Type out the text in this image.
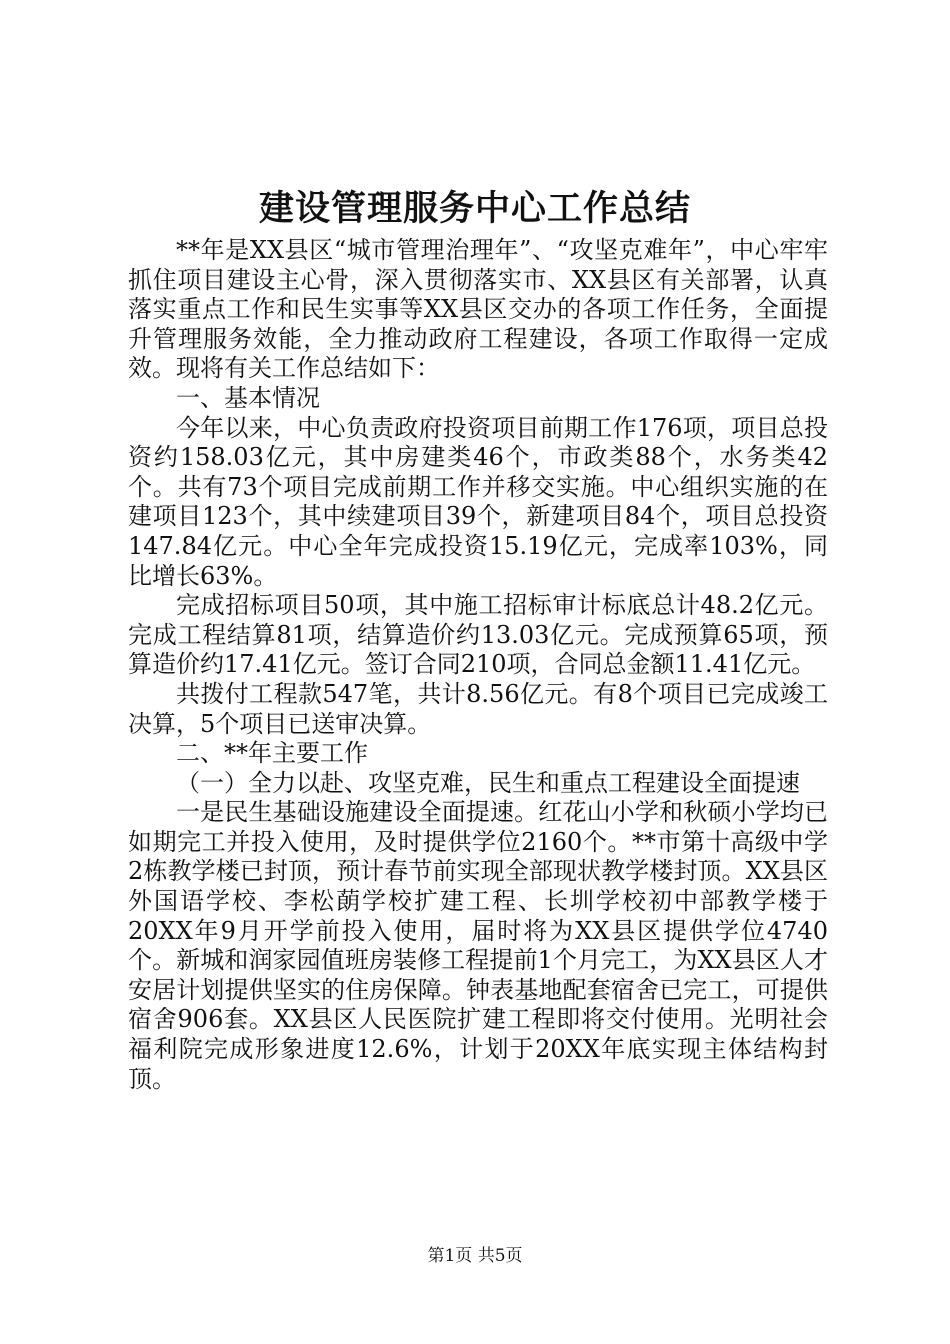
建设管理服务中心工作总结

**年是XX县区“城市管理治理年”、“攻坚克难年”，中心牢牢抓住项目建设主心骨，深入贯彻落实市、XX县区有关部署，认真落实重点工作和民生实事等XX县区交办的各项工作任务，全面提升管理服务效能，全力推动政府工程建设，各项工作取得一定成效。现将有关工作总结如下：

一、基本情况

今年以来，中心负责政府投资项目前期工作176项，项目总投资约158.03亿元，其中房建类46个，市政类88个，水务类42个。共有73个项目完成前期工作并移交实施。中心组织实施的在建项目123个，其中续建项目39个，新建项目84个，项目总投资147.84亿元。中心全年完成投资15.19亿元，完成率103%，同比增长63%。

完成招标项目50项，其中施工招标审计标底总计48.2亿元。完成工程结算81项，结算造价约13.03亿元。完成预算65项，预算造价约17.41亿元。签订合同210项，合同总金额11.41亿元。

共拨付工程款547笔，共计8.56亿元。有8个项目已完成竣工决算，5个项目已送审决算。

二、**年主要工作

（一）全力以赴、攻坚克难，民生和重点工程建设全面提速

一是民生基础设施建设全面提速。红花山小学和秋硕小学均已如期完工并投入使用，及时提供学位2160个。**市第十高级中学2栋教学楼已封顶，预计春节前实现全部现状教学楼封顶。XX县区外国语学校、李松蓢学校扩建工程、长圳学校初中部教学楼于20XX年9月开学前投入使用，届时将为XX县区提供学位4740个。新城和润家园值班房装修工程提前1个月完工，为XX县区人才安居计划提供坚实的住房保障。钟表基地配套宿舍已完工，可提供宿舍906套。XX县区人民医院扩建工程即将交付使用。光明社会福利院完成形象进度12.6%，计划于20XX年底实现主体结构封顶。

第1页 共5页
